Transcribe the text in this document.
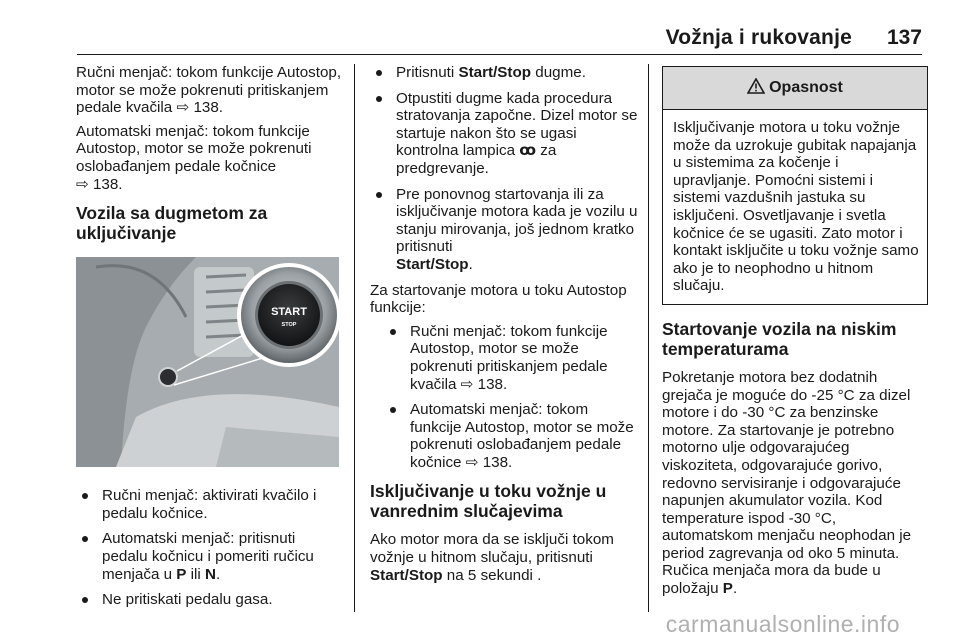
Vožnja i rukovanje 137

Ručni menjač: tokom funkcije Autostop, motor se može pokrenuti pritiskanjem pedale kvačila ⇨ 138.

Automatski menjač: tokom funkcije Autostop, motor se može pokrenuti oslobađanjem pedale kočnice
⇨ 138.

Vozila sa dugmetom za uključivanje
START
STOP
Ručni menjač: aktivirati kvačilo i pedalu kočnice.
Automatski menjač: pritisnuti pedalu kočnicu i pomeriti ručicu menjača u P ili N.
Ne pritiskati pedalu gasa.
Pritisnuti Start/Stop dugme.
Otpustiti dugme kada procedura stratovanja započne. Dizel motor se startuje nakon što se ugasi kontrolna lampica ꝏ za predgrevanje.
Pre ponovnog startovanja ili za isključivanje motora kada je vozilu u stanju mirovanja, još jednom kratko pritisnuti
Start/Stop.

Za startovanje motora u toku Autostop funkcije:

Ručni menjač: tokom funkcije Autostop, motor se može pokrenuti pritiskanjem pedale kvačila ⇨ 138.
Automatski menjač: tokom funkcije Autostop, motor se može pokrenuti oslobađanjem pedale kočnice ⇨ 138.
Isključivanje u toku vožnje u vanrednim slučajevima

Ako motor mora da se isključi tokom vožnje u hitnom slučaju, pritisnuti
Start/Stop na 5 sekundi .

Opasnost
Isključivanje motora u toku vožnje može da uzrokuje gubitak napajanja u sistemima za kočenje i upravljanje. Pomoćni sistemi i sistemi vazdušnih jastuka su isključeni. Osvetljavanje i svetla kočnice će se ugasiti. Zato motor i kontakt isključite u toku vožnje samo ako je to neophodno u hitnom slučaju.
Startovanje vozila na niskim temperaturama

Pokretanje motora bez dodatnih grejača je moguće do -25 °C za dizel motore i do -30 °C za benzinske motore. Za startovanje je potrebno motorno ulje odgovarajućeg viskoziteta, odgovarajuće gorivo, redovno servisiranje i odgovarajuće napunjen akumulator vozila. Kod temperature ispod -30 °C, automatskom menjaču neophodan je period zagrevanja od oko 5 minuta. Ručica menjača mora da bude u položaju P.

carmanualsonline.info
